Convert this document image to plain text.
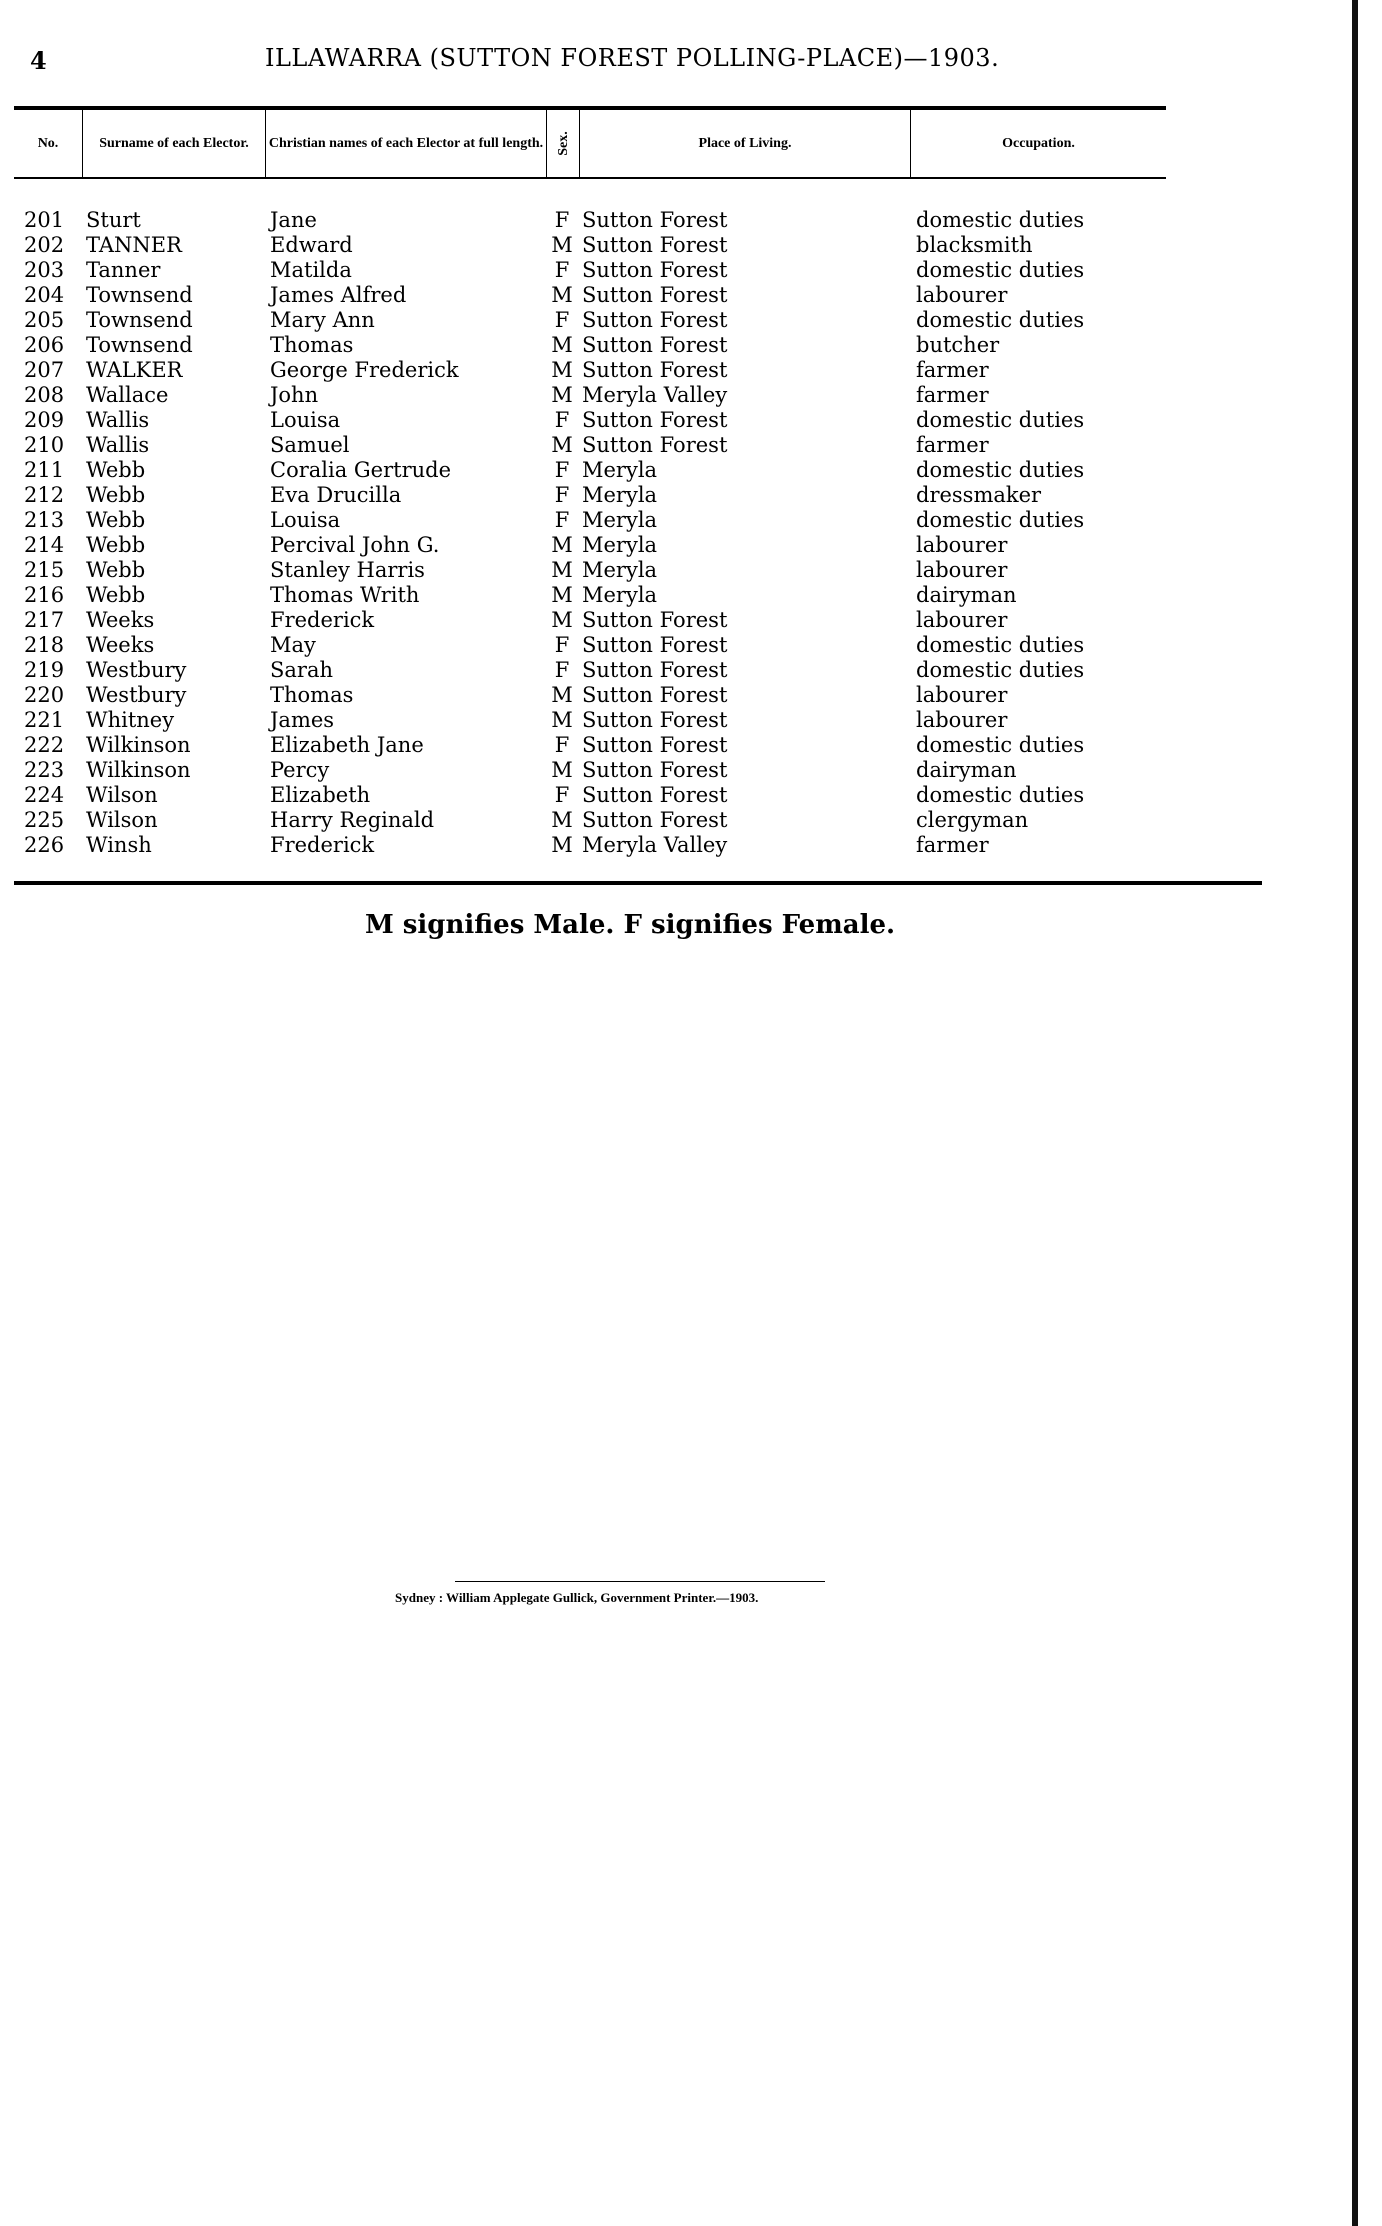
4	ILLAWARRA (SUTTON FOREST POLLING-PLACE)—1903.
No.	Surname of each Elector.	Christian names of each Elector at full length. Sex.	Place of Living.	Occupation.
201 Sturt	Jane	F Sutton Forest	domestic duties
202 TANNER	Edward	M Sutton Forest	blacksmith
203 Tanner	Matilda	F Sutton Forest	domestic duties
204 Townsend	James Alfred	M Sutton Forest	labourer
205 Townsend	Mary Ann	F Sutton Forest	domestic duties
206 Townsend	Thomas	M Sutton Forest	butcher
207 WALKER	George Frederick	M Sutton Forest	farmer
208 Wallace	John	M Meryla Valley	farmer
209 Wallis	Louisa	F Sutton Forest	domestic duties
210 Wallis	Samuel	M Sutton Forest	farmer
211 Webb	Coralia Gertrude	F Meryla	domestic duties
212 Webb	Eva Drucilla	F Meryla	dressmaker
213 Webb	Louisa	F Meryla	domestic duties
214 Webb	Percival John G.	M Meryla	labourer
215 Webb	Stanley Harris	M Meryla	labourer
216 Webb	Thomas Writh	M Meryla	dairyman
217 Weeks	Frederick	M Sutton Forest	labourer
218 Weeks	May	F Sutton Forest	domestic duties
219 Westbury	Sarah	F Sutton Forest	domestic duties
220 Westbury	Thomas	M Sutton Forest	labourer
221 Whitney	James	M Sutton Forest	labourer
222 Wilkinson	Elizabeth Jane	F Sutton Forest	domestic duties
223 Wilkinson	Percy	M Sutton Forest	dairyman
224 Wilson	Elizabeth	F Sutton Forest	domestic duties
225 Wilson	Harry Reginald	M Sutton Forest	clergyman
226 Winsh	Frederick	M Meryla Valley	farmer
M signifies Male. F signifies Female.
Sydney : William Applegate Gullick, Government Printer.—1903.
